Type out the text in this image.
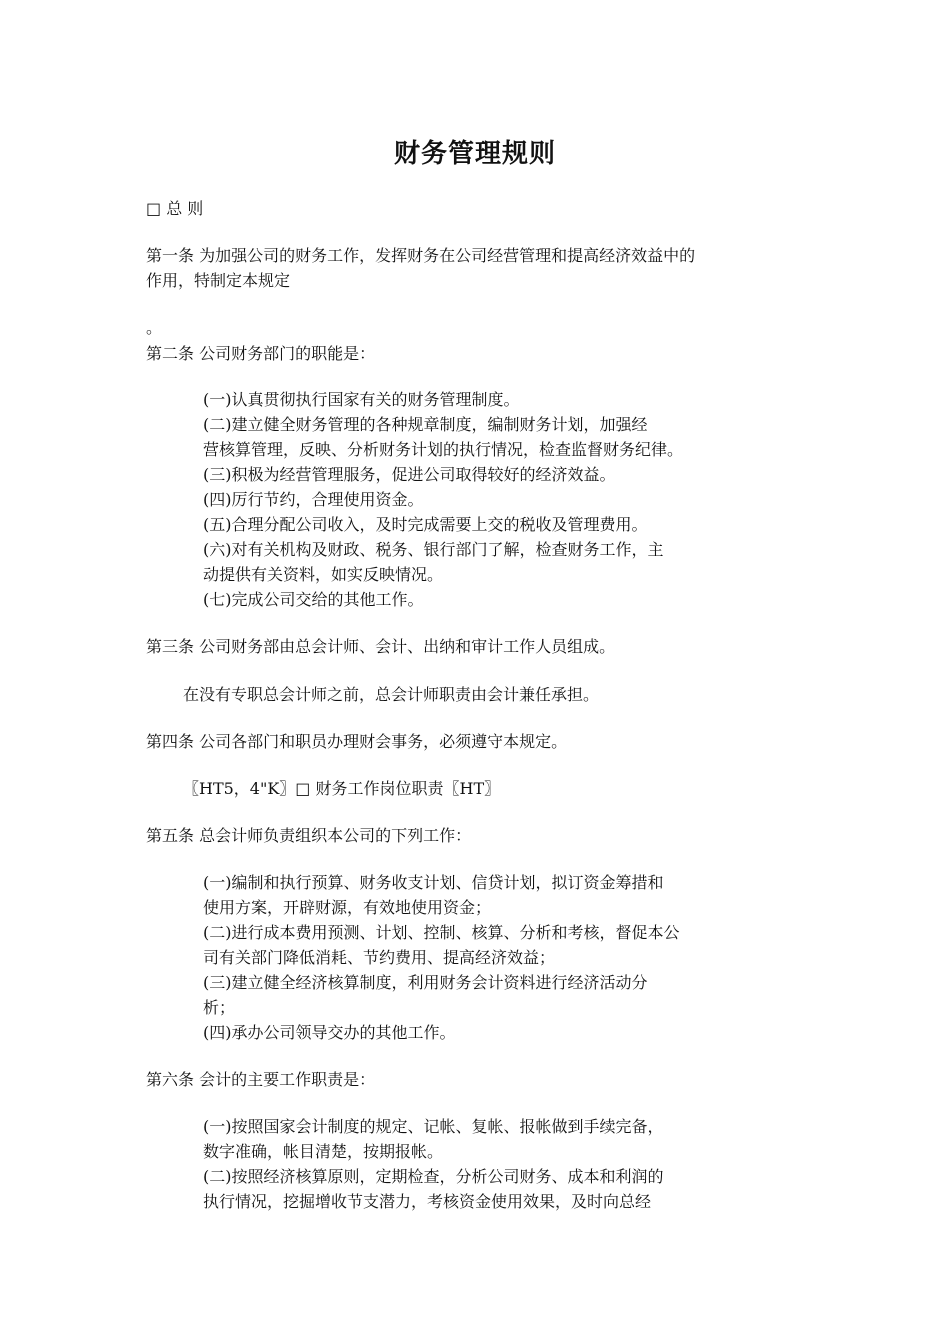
财务管理规则
□ 总 则
第一条 为加强公司的财务工作，发挥财务在公司经营管理和提高经济效益中的
作用，特制定本规定
。
第二条 公司财务部门的职能是：
(一)认真贯彻执行国家有关的财务管理制度。
(二)建立健全财务管理的各种规章制度，编制财务计划，加强经
营核算管理，反映、分析财务计划的执行情况，检查监督财务纪律。
(三)积极为经营管理服务，促进公司取得较好的经济效益。
(四)厉行节约，合理使用资金。
(五)合理分配公司收入，及时完成需要上交的税收及管理费用。
(六)对有关机构及财政、税务、银行部门了解，检查财务工作，主
动提供有关资料，如实反映情况。
(七)完成公司交给的其他工作。
第三条 公司财务部由总会计师、会计、出纳和审计工作人员组成。
在没有专职总会计师之前，总会计师职责由会计兼任承担。
第四条 公司各部门和职员办理财会事务，必须遵守本规定。
〖HT5，4"K〗□ 财务工作岗位职责〖HT〗
第五条 总会计师负责组织本公司的下列工作：
(一)编制和执行预算、财务收支计划、信贷计划，拟订资金筹措和
使用方案，开辟财源，有效地使用资金；
(二)进行成本费用预测、计划、控制、核算、分析和考核，督促本公
司有关部门降低消耗、节约费用、提高经济效益；
(三)建立健全经济核算制度，利用财务会计资料进行经济活动分
析；
(四)承办公司领导交办的其他工作。
第六条 会计的主要工作职责是：
(一)按照国家会计制度的规定、记帐、复帐、报帐做到手续完备，
数字准确，帐目清楚，按期报帐。
(二)按照经济核算原则，定期检查，分析公司财务、成本和利润的
执行情况，挖掘增收节支潜力，考核资金使用效果，及时向总经
